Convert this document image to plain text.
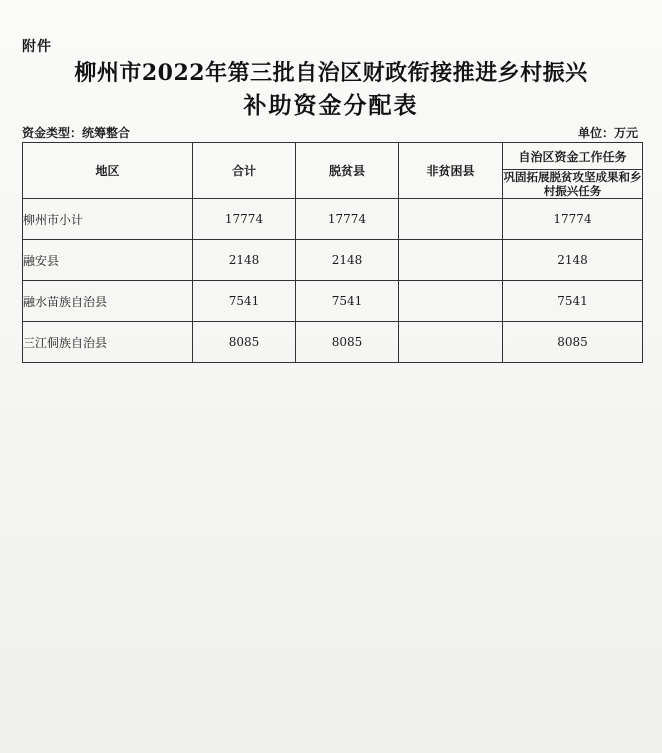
附件
柳州市2022年第三批自治区财政衔接推进乡村振兴
补助资金分配表
资金类型：统筹整合	单位：万元
地区	合计	脱贫县	非贫困县	自治区资金工作任务
				巩固拓展脱贫攻坚成果和乡村振兴任务
柳州市小计	17774	17774		17774
融安县	2148	2148		2148
融水苗族自治县	7541	7541		7541
三江侗族自治县	8085	8085		8085
